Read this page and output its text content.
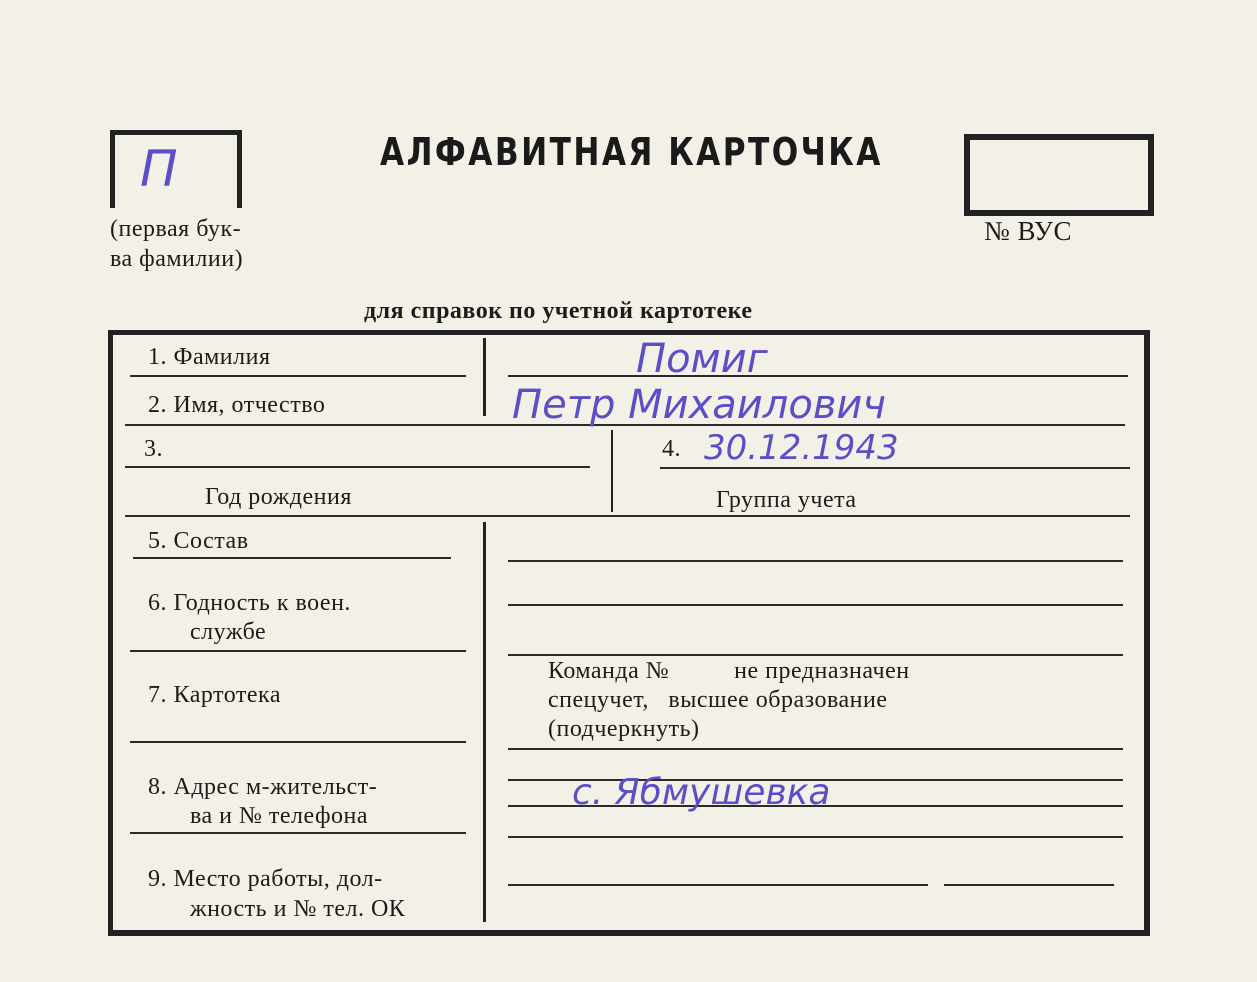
П
(первая бук-
ва фамилии)
АЛФАВИТНАЯ КАРТОЧКА
№ ВУС
для справок по учетной картотеке
1. Фамилия	Помиг
2. Имя, отчество	Петр Михаилович
3.
Год рождения
4. 30.12.1943
Группа учета
5. Состав
6. Годность к воен.
службе
7. Картотека
Команда №          не предназначен
спецучет,   высшее образование
(подчеркнуть)
8. Адрес м-жительст-
ва и № телефона
с. Ябмушевка
9. Место работы, дол-
жность и № тел. ОК
